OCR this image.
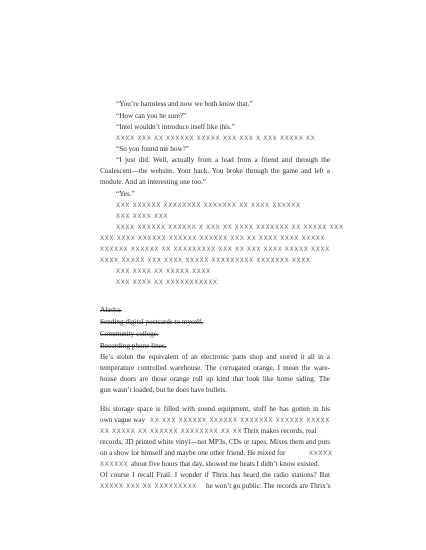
“You’re harmless and now we both know that.”
“How can you be sure?”
“Intel wouldn’t introduce itself like this.”
XXXX XXX XX XXXXXX XXXXX XXX XXX X XXX XXXXX XX
“So you found me how?”
“I just did. Well, actually from a lead from a friend and through the
Coalescent—the website. Your hack. You broke through the game and left a
module. And an interesting one too.”
“Yes.”
XXX XXXXXX XXXXXXXX XXXXXXX XX XXXX XXXXXX
XXX XXXX XXX
XXXX XXXXXX XXXXXX X XXX XX XXXX XXXXXXX XX XXXXX XXX
XXX XXXX XXXXXX XXXXXX XXXXXX XXX XX XXXX XXXX XXXXX
XXXXXX XXXXXX XX XXXXXXXXX XXX XX XXX XXXX XXXXX XXXX
XXXX XXXXX XXX XXXX XXXXX XXXXXXXXX XXXXXXX XXXX
XXX XXXX XX XXXXX XXXX
XXX XXXX XX XXXXXXXXXXX
Alaska.
Sending digital postcards to myself.
Community college.
Recording phone lines.
He’s stolen the equivalent of an electronic parts shop and stored it all in a
temperature controlled warehouse. The corrugated orange, I mean the ware-
house doors are those orange roll up kind that look like home siding. The
gun wasn’t loaded, but he does have bullets.
His storage space is filled with sound equipment, stuff he has gotten in his
own vague way XX XXX XXXXXX XXXXXX XXXXXXX XXXXXX XXXXX
XX XXXXX XX XXXXXX XXXXXXXX XX XX Thrix makes records, real
records, 3D printed white vinyl—not MP3s, CDs or tapes. Mixes them and puts
on a show for himself and maybe one other friend. He mixed for	XXXXX
XXXXXX about five hours that day, showed me beats I didn’t know existed.
Of course I recall Frail. I wonder if Thrix has heard the radio stations? But
XXXXX XXX XX XXXXXXXXX he won’t go public. The records are Thrix’s
